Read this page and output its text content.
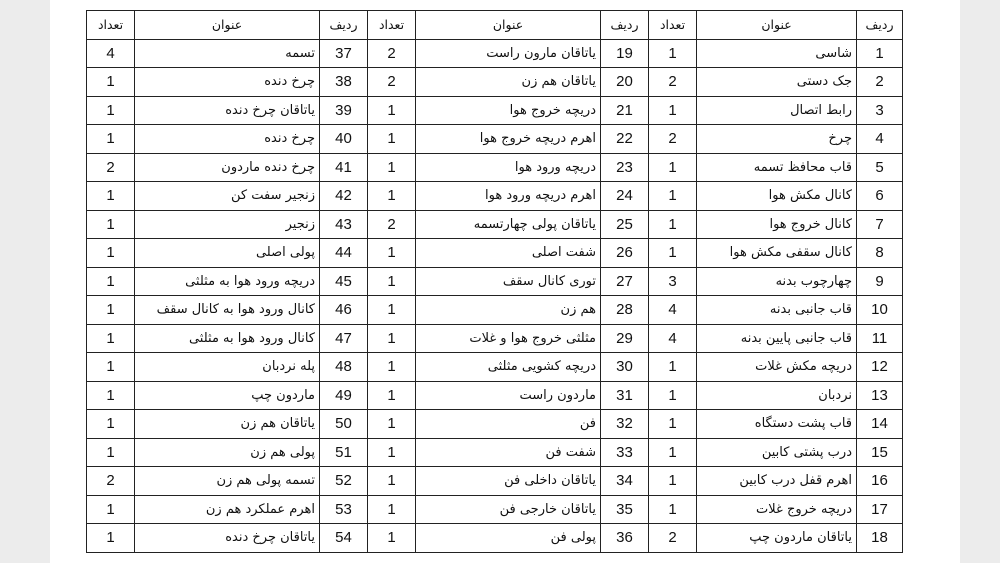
ردیف	عنوان	تعداد	ردیف	عنوان	تعداد	ردیف	عنوان	تعداد
1	شاسی	1	19	یاتاقان مارون راست	2	37	تسمه	4
2	جک دستی	2	20	یاتاقان هم زن	2	38	چرخ دنده	1
3	رابط اتصال	1	21	دریچه خروج هوا	1	39	یاتاقان چرخ دنده	1
4	چرخ	2	22	اهرم دریچه خروج هوا	1	40	چرخ دنده	1
5	قاب محافظ تسمه	1	23	دریچه ورود هوا	1	41	چرخ دنده ماردون	2
6	کانال مکش هوا	1	24	اهرم دریچه ورود هوا	1	42	زنجیر سفت کن	1
7	کانال خروج هوا	1	25	یاتاقان پولی چهارتسمه	2	43	زنجیر	1
8	کانال سقفی مکش هوا	1	26	شفت اصلی	1	44	پولی اصلی	1
9	چهارچوب بدنه	3	27	توری کانال سقف	1	45	دریچه ورود هوا به مثلثی	1
10	قاب جانبی بدنه	4	28	هم زن	1	46	کانال ورود هوا به کانال سقف	1
11	قاب جانبی پایین بدنه	4	29	مثلثی خروج هوا و غلات	1	47	کانال ورود هوا به مثلثی	1
12	دریچه مکش غلات	1	30	دریچه کشویی مثلثی	1	48	پله نردبان	1
13	نردبان	1	31	ماردون راست	1	49	ماردون چپ	1
14	قاب پشت دستگاه	1	32	فن	1	50	یاتاقان هم زن	1
15	درب پشتی کابین	1	33	شفت فن	1	51	پولی هم زن	1
16	اهرم قفل درب کابین	1	34	یاتاقان داخلی فن	1	52	تسمه پولی هم زن	2
17	دریچه خروج غلات	1	35	یاتاقان خارجی فن	1	53	اهرم عملکرد هم زن	1
18	یاتاقان ماردون چپ	2	36	پولی فن	1	54	یاتاقان چرخ دنده	1
